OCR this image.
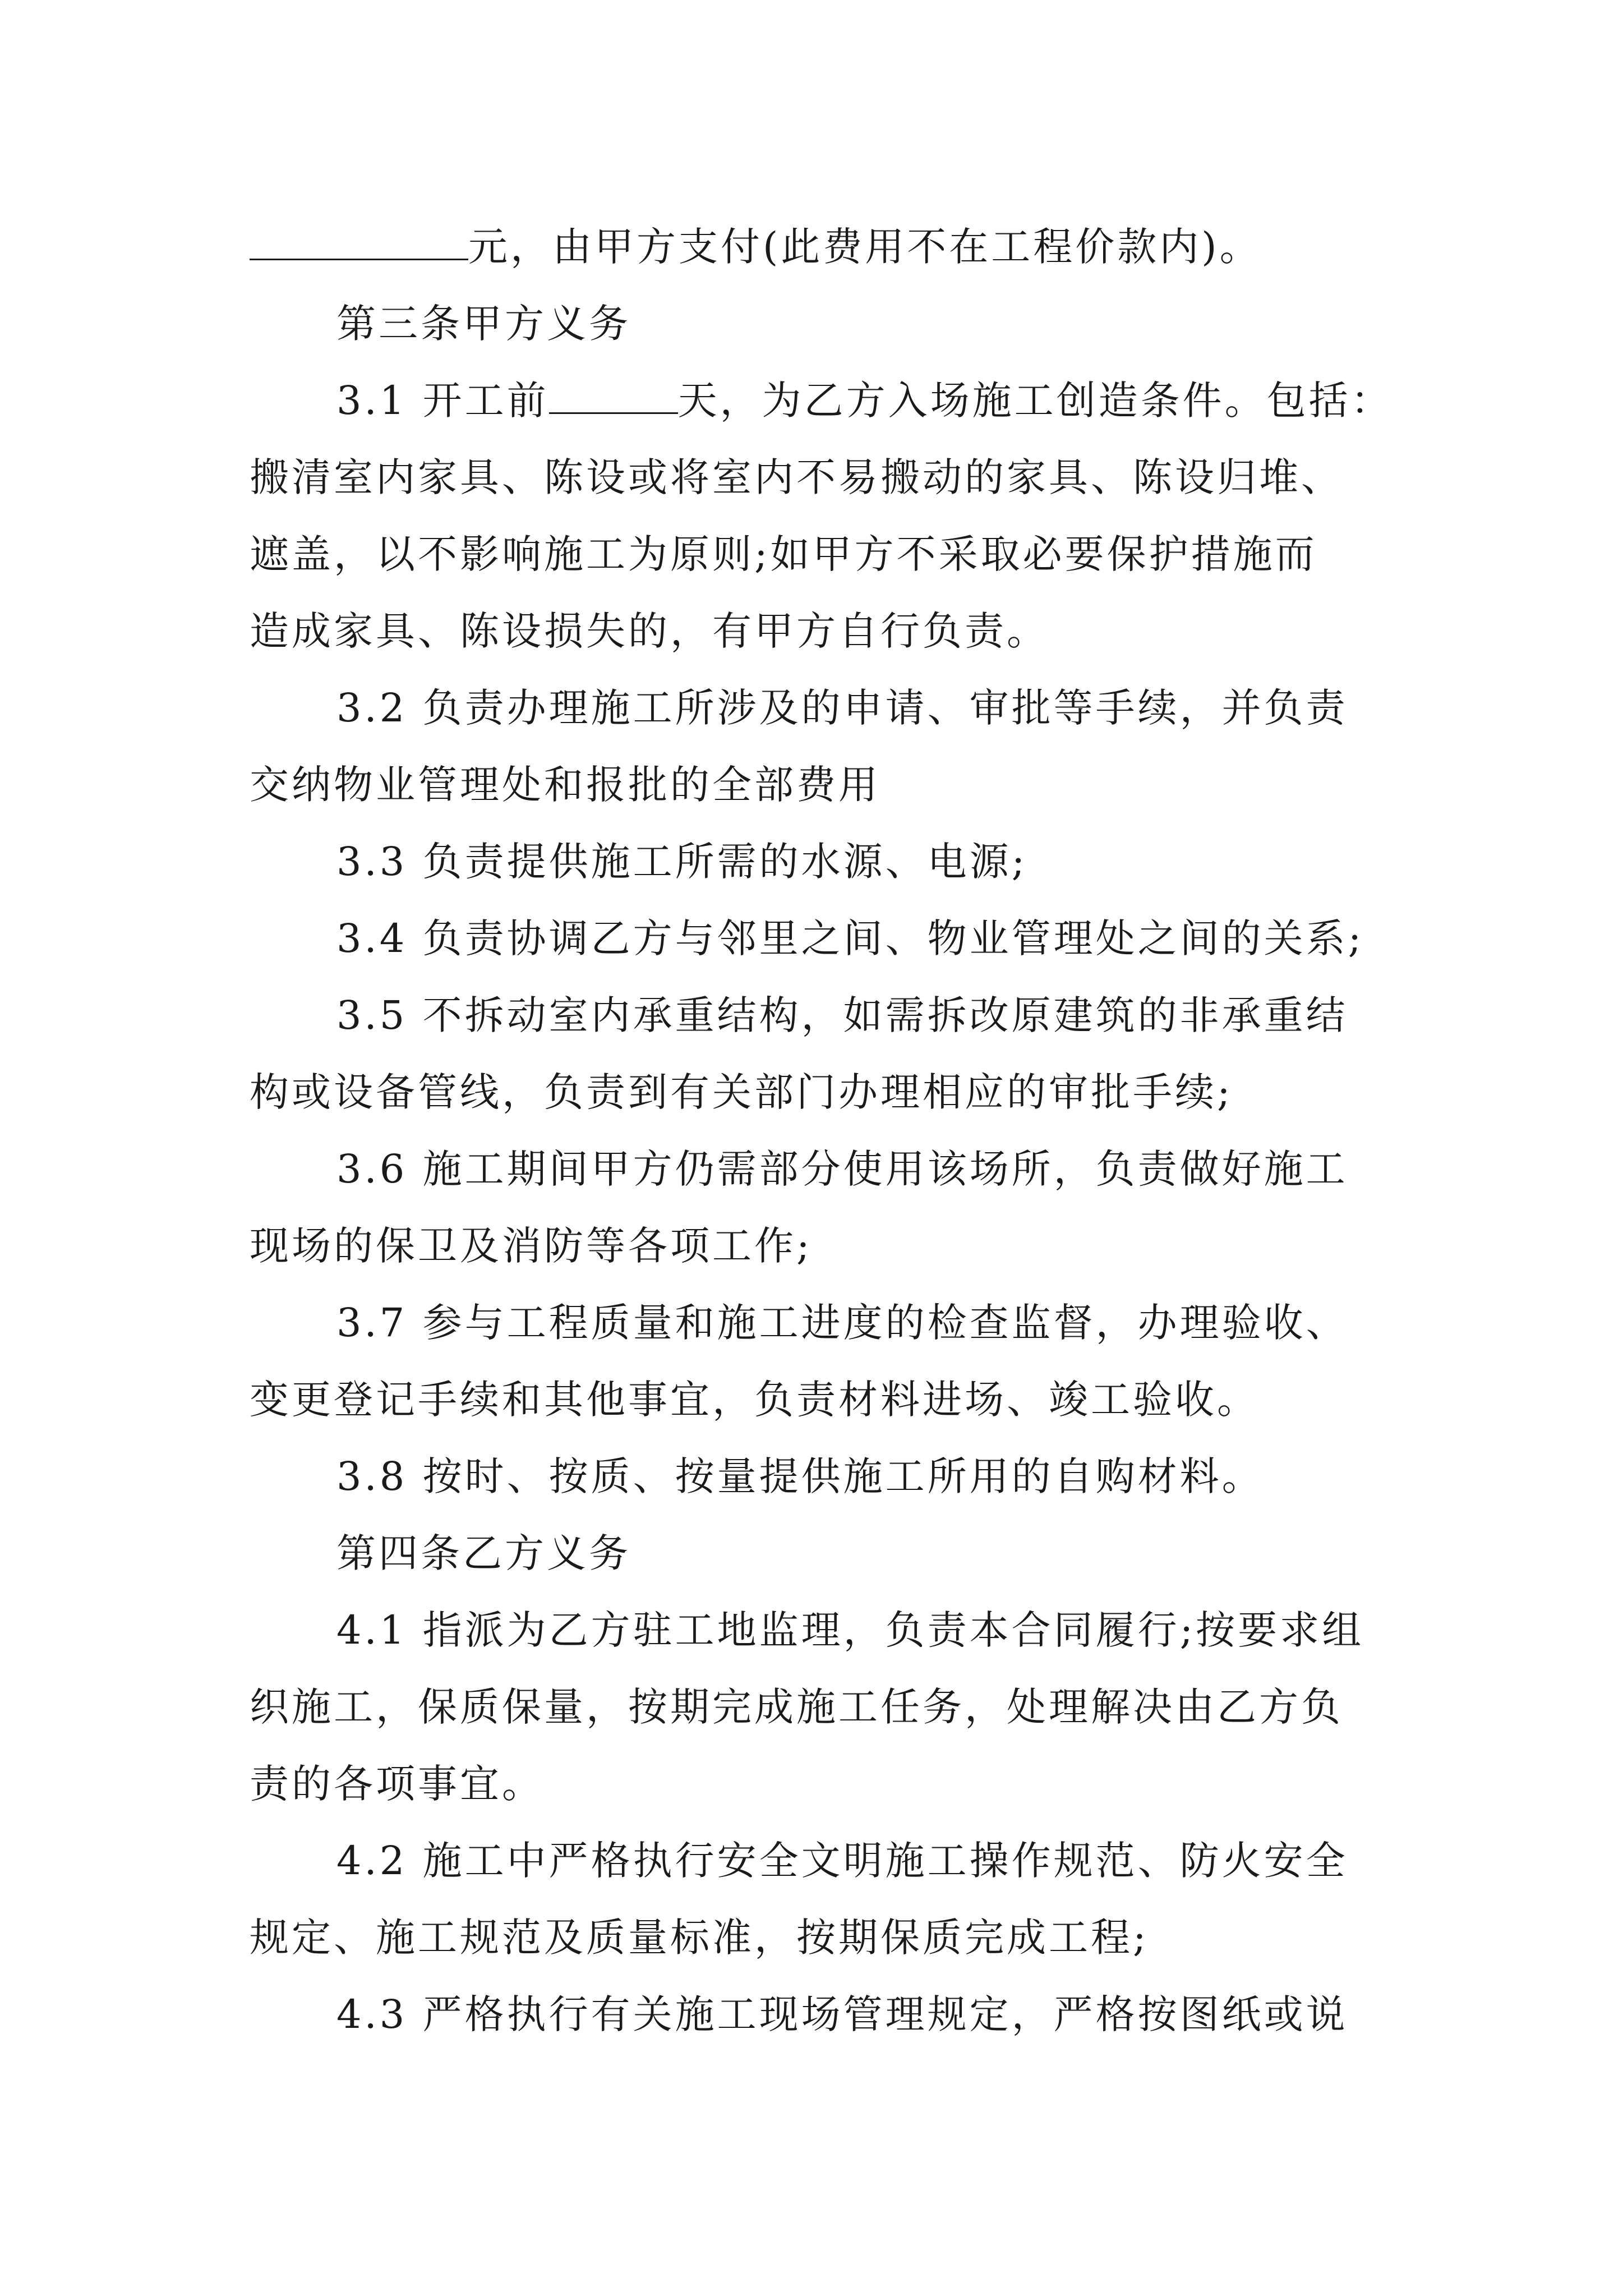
元，由甲方支付(此费用不在工程价款内)。
第三条甲方义务
3.1 开工前	天，为乙方入场施工创造条件。包括：
搬清室内家具、陈设或将室内不易搬动的家具、陈设归堆、
遮盖，以不影响施工为原则;如甲方不采取必要保护措施而
造成家具、陈设损失的，有甲方自行负责。
3.2 负责办理施工所涉及的申请、审批等手续，并负责
交纳物业管理处和报批的全部费用
3.3 负责提供施工所需的水源、电源;
3.4 负责协调乙方与邻里之间、物业管理处之间的关系;
3.5 不拆动室内承重结构，如需拆改原建筑的非承重结
构或设备管线，负责到有关部门办理相应的审批手续;
3.6 施工期间甲方仍需部分使用该场所，负责做好施工
现场的保卫及消防等各项工作;
3.7 参与工程质量和施工进度的检查监督，办理验收、
变更登记手续和其他事宜，负责材料进场、竣工验收。
3.8 按时、按质、按量提供施工所用的自购材料。
第四条乙方义务
4.1 指派为乙方驻工地监理，负责本合同履行;按要求组
织施工，保质保量，按期完成施工任务，处理解决由乙方负
责的各项事宜。
4.2 施工中严格执行安全文明施工操作规范、防火安全
规定、施工规范及质量标准，按期保质完成工程;
4.3 严格执行有关施工现场管理规定，严格按图纸或说
